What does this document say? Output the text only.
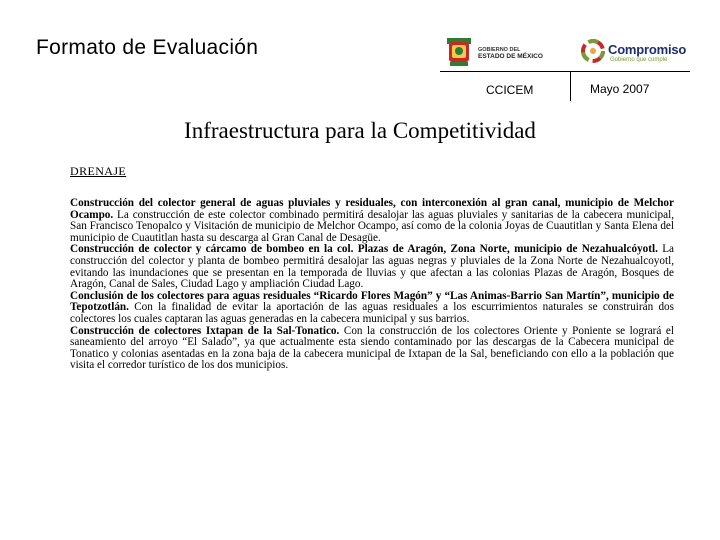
Formato de Evaluación	GOBIERNO DEL
ESTADO DE MÉXICO	Compromiso
Gobierno que cumple
CCICEM	Mayo 2007
Infraestructura para la Competitividad
DRENAJE

Construcción del colector general de aguas pluviales y residuales, con interconexión al gran canal, municipio de Melchor Ocampo. La construcción de este colector combinado permitirá desalojar las aguas pluviales y sanitarias de la cabecera municipal, San Francisco Tenopalco y Visitación de municipio de Melchor Ocampo, así como de la colonia Joyas de Cuautitlan y Santa Elena del municipio de Cuautitlan hasta su descarga al Gran Canal de Desagüe.

Construcción de colector y cárcamo de bombeo en la col. Plazas de Aragón, Zona Norte, municipio de Nezahualcóyotl. La construcción del colector y planta de bombeo permitirá desalojar las aguas negras y pluviales de la Zona Norte de Nezahualcoyotl, evitando las inundaciones que se presentan en la temporada de lluvias y que afectan a las colonias Plazas de Aragón, Bosques de Aragón, Canal de Sales, Ciudad Lago y ampliación Ciudad Lago.

Conclusión de los colectores para aguas residuales “Ricardo Flores Magón” y “Las Animas-Barrio San Martín”, municipio de Tepotzotlán. Con la finalidad de evitar la aportación de las aguas residuales a los escurrimientos naturales se construirán dos colectores los cuales captaran las aguas generadas en la cabecera municipal y sus barrios.

Construcción de colectores Ixtapan de la Sal-Tonatico. Con la construcción de los colectores Oriente y Poniente se logrará el saneamiento del arroyo “El Salado”, ya que actualmente esta siendo contaminado por las descargas de la Cabecera municipal de Tonatico y colonias asentadas en la zona baja de la cabecera municipal de Ixtapan de la Sal, beneficiando con ello a la población que visita el corredor turístico de los dos municipios.
